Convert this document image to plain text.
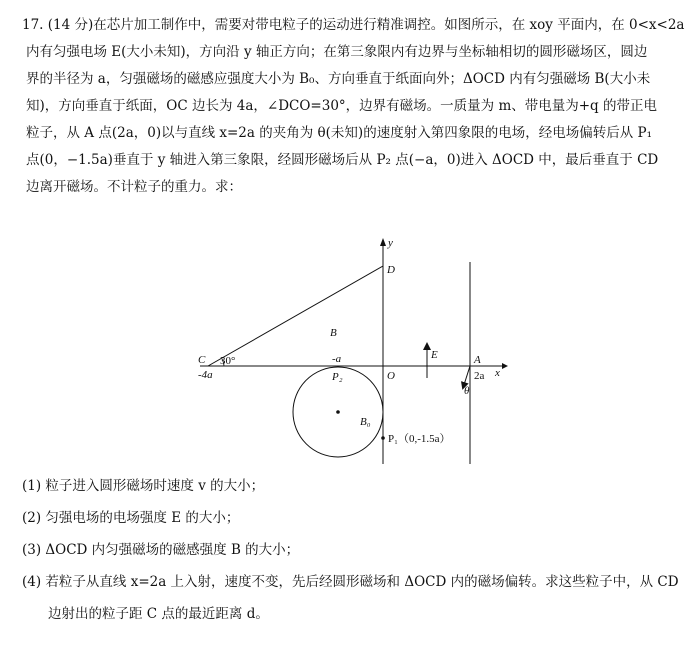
17. (14 分)在芯片加工制作中，需要对带电粒子的运动进行精准调控。如图所示，在 xoy 平面内，在 0<x<2a
内有匀强电场 E(大小未知)，方向沿 y 轴正方向；在第三象限内有边界与坐标轴相切的圆形磁场区，圆边
界的半径为 a，匀强磁场的磁感应强度大小为 B₀、方向垂直于纸面向外；ΔOCD 内有匀强磁场 B(大小未
知)，方向垂直于纸面，OC 边长为 4a，∠DCO=30°，边界有磁场。一质量为 m、带电量为+q 的带正电
粒子，从 A 点(2a，0)以与直线 x=2a 的夹角为 θ(未知)的速度射入第四象限的电场，经电场偏转后从 P₁
点(0，−1.5a)垂直于 y 轴进入第三象限，经圆形磁场后从 P₂ 点(−a，0)进入 ΔOCD 中，最后垂直于 CD
边离开磁场。不计粒子的重力。求：
y
x
O
C 30°
-4a
D
B
B₀
-a
P₂
P₁（0,-1.5a）
E	A
2a
θ
(1) 粒子进入圆形磁场时速度 v 的大小；
(2) 匀强电场的电场强度 E 的大小；
(3) ΔOCD 内匀强磁场的磁感强度 B 的大小；
(4) 若粒子从直线 x=2a 上入射，速度不变，先后经圆形磁场和 ΔOCD 内的磁场偏转。求这些粒子中，从 CD
边射出的粒子距 C 点的最近距离 d。
